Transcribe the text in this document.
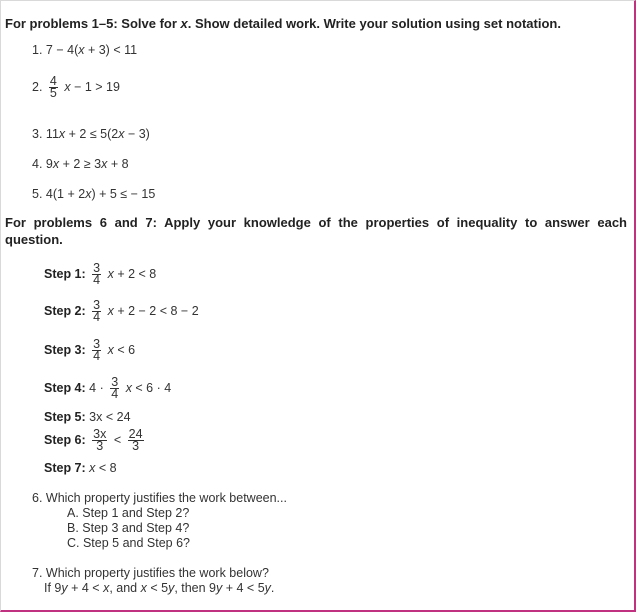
For problems 1–5: Solve for x. Show detailed work. Write your solution using set notation.
1. 7 − 4(x + 3) < 11
2. $\frac{4}{5}$ x − 1 > 19
3. 11x + 2 ≤ 5(2x − 3)
4. 9x + 2 ≥ 3x + 8
5. 4(1 + 2x) + 5 ≤ − 15
For problems 6 and 7: Apply your knowledge of the properties of inequality to answer each question.
Step 1: $\frac{3}{4}$ x + 2 < 8
Step 2: $\frac{3}{4}$ x + 2 − 2 < 8 − 2
Step 3: $\frac{3}{4}$ x < 6
Step 4: $4 \cdot \frac{3}{4}$ x < 6 · 4
Step 5: 3x < 24
Step 6: $\frac{3x}{3} < \frac{24}{3}$
Step 7: x < 8
6. Which property justifies the work between...
A. Step 1 and Step 2?
B. Step 3 and Step 4?
C. Step 5 and Step 6?
7. Which property justifies the work below?
If 9y + 4 < x, and x < 5y, then 9y + 4 < 5y.
